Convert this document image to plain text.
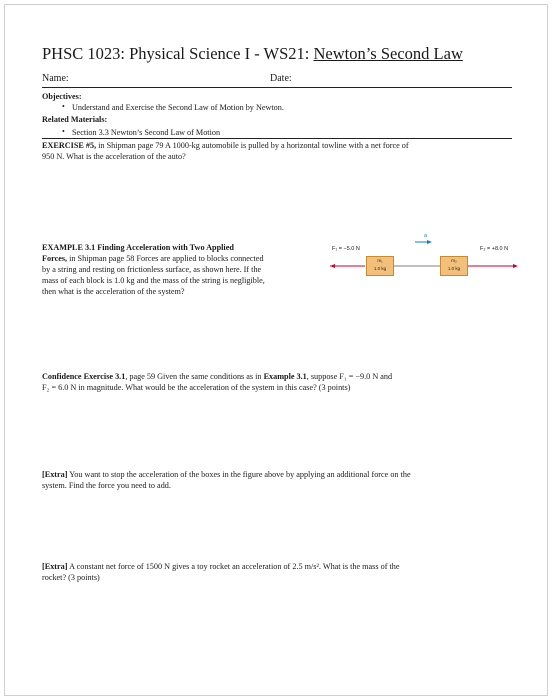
PHSC 1023: Physical Science I - WS21: Newton’s Second Law
Name:	Date:
Objectives:
• Understand and Exercise the Second Law of Motion by Newton.
Related Materials:
• Section 3.3 Newton’s Second Law of Motion
EXERCISE #5, in Shipman page 79 A 1000-kg automobile is pulled by a horizontal towline with a net force of
950 N. What is the acceleration of the auto?
EXAMPLE 3.1 Finding Acceleration with Two Applied
Forces, in Shipman page 58 Forces are applied to blocks connected
by a string and resting on frictionless surface, as shown here. If the
mass of each block is 1.0 kg and the mass of the string is negligible,
then what is the acceleration of the system?
F₁ = −5.0 N
a
F₂ = +8.0 N
m₁
1.0 kg
m₂
1.0 kg
Confidence Exercise 3.1, page 59 Given the same conditions as in Example 3.1, suppose F₁ = −9.0 N and
F₂ = 6.0 N in magnitude. What would be the acceleration of the system in this case? (3 points)
[Extra] You want to stop the acceleration of the boxes in the figure above by applying an additional force on the
system. Find the force you need to add.
[Extra] A constant net force of 1500 N gives a toy rocket an acceleration of 2.5 m/s². What is the mass of the
rocket? (3 points)
